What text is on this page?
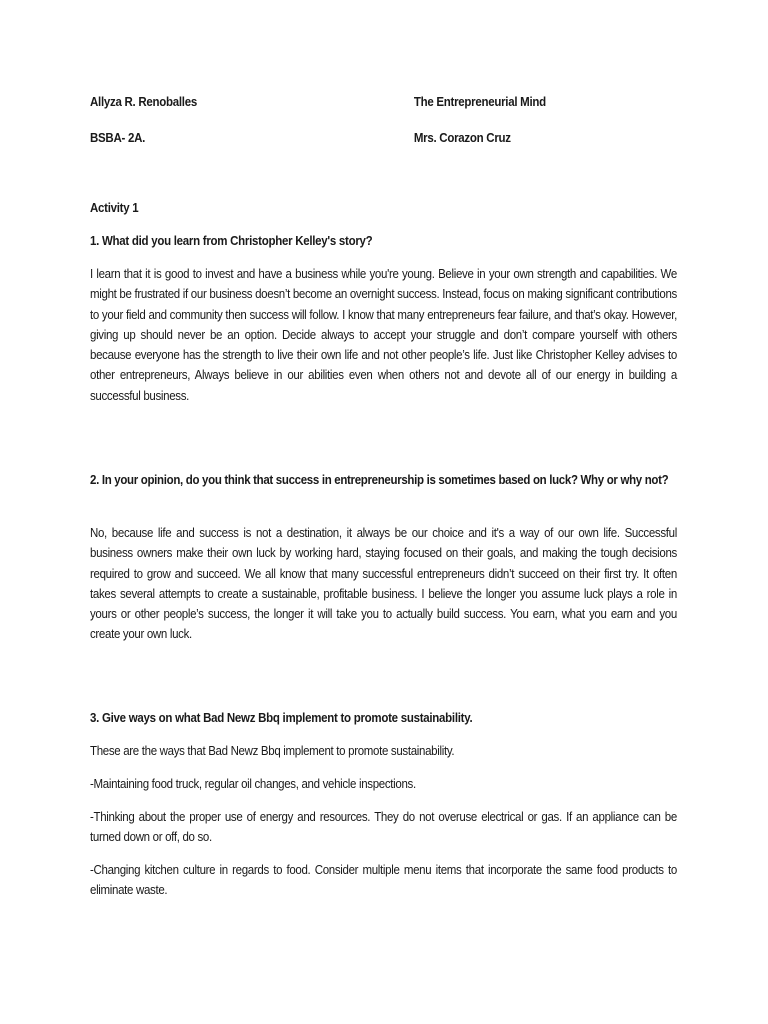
Allyza R. Renoballes	The Entrepreneurial Mind
BSBA- 2A.	Mrs. Corazon Cruz

Activity 1

1. What did you learn from Christopher Kelley's story?

I learn that it is good to invest and have a business while you're young. Believe in your own strength and capabilities. We might be frustrated if our business doesn’t become an overnight success. Instead, focus on making significant contributions to your field and community then success will follow. I know that many entrepreneurs fear failure, and that’s okay. However, giving up should never be an option. Decide always to accept your struggle and don’t compare yourself with others because everyone has the strength to live their own life and not other people’s life. Just like Christopher Kelley advises to other entrepreneurs, Always believe in our abilities even when others not and devote all of our energy in building a successful business.

2. In your opinion, do you think that success in entrepreneurship is sometimes based on luck? Why or why not?

No, because life and success is not a destination, it always be our choice and it's a way of our own life. Successful business owners make their own luck by working hard, staying focused on their goals, and making the tough decisions required to grow and succeed. We all know that many successful entrepreneurs didn’t succeed on their first try. It often takes several attempts to create a sustainable, profitable business. I believe the longer you assume luck plays a role in yours or other people’s success, the longer it will take you to actually build success. You earn, what you earn and you create your own luck.

3. Give ways on what Bad Newz Bbq implement to promote sustainability.

These are the ways that Bad Newz Bbq implement to promote sustainability.

-Maintaining food truck, regular oil changes, and vehicle inspections.

-Thinking about the proper use of energy and resources. They do not overuse electrical or gas. If an appliance can be turned down or off, do so.

-Changing kitchen culture in regards to food. Consider multiple menu items that incorporate the same food products to eliminate waste.
